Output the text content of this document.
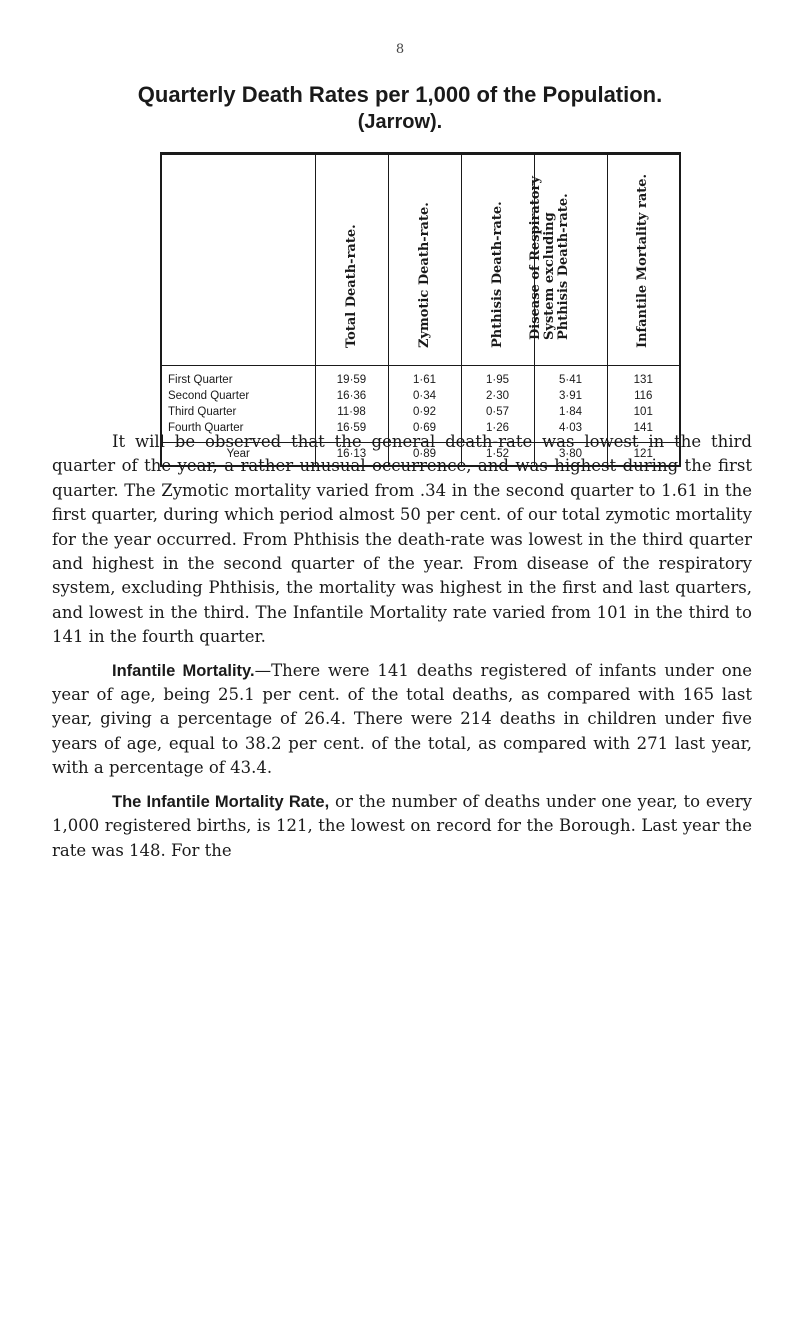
8
Quarterly Death Rates per 1,000 of the Population.
(Jarrow).

	Total Death-rate.	Zymotic Death-rate.	Phthisis Death-rate.	Disease of Respiratory System excluding Phthisis Death-rate.	Infantile Mortality rate.

First Quarter	19·59	1·61	1·95	5·41	131
Second Quarter	16·36	0·34	2·30	3·91	116
Third Quarter	11·98	0·92	0·57	1·84	101
Fourth Quarter	16·59	0·69	1·26	4·03	141
Year	16·13	0·89	1·52	3·80	121

It will be observed that the general death-rate was lowest in the third quarter of the year, a rather unusual occurrence, and was highest during the first quarter. The Zymotic mortality varied from .34 in the second quarter to 1.61 in the first quarter, during which period almost 50 per cent. of our total zymotic mortality for the year occurred. From Phthisis the death-rate was lowest in the third quarter and highest in the second quarter of the year. From disease of the respiratory system, excluding Phthisis, the mortality was highest in the first and last quarters, and lowest in the third. The Infantile Mortality rate varied from 101 in the third to 141 in the fourth quarter.

Infantile Mortality.—There were 141 deaths registered of infants under one year of age, being 25.1 per cent. of the total deaths, as compared with 165 last year, giving a percentage of 26.4. There were 214 deaths in children under five years of age, equal to 38.2 per cent. of the total, as compared with 271 last year, with a percentage of 43.4.

The Infantile Mortality Rate, or the number of deaths under one year, to every 1,000 registered births, is 121, the lowest on record for the Borough. Last year the rate was 148. For the
